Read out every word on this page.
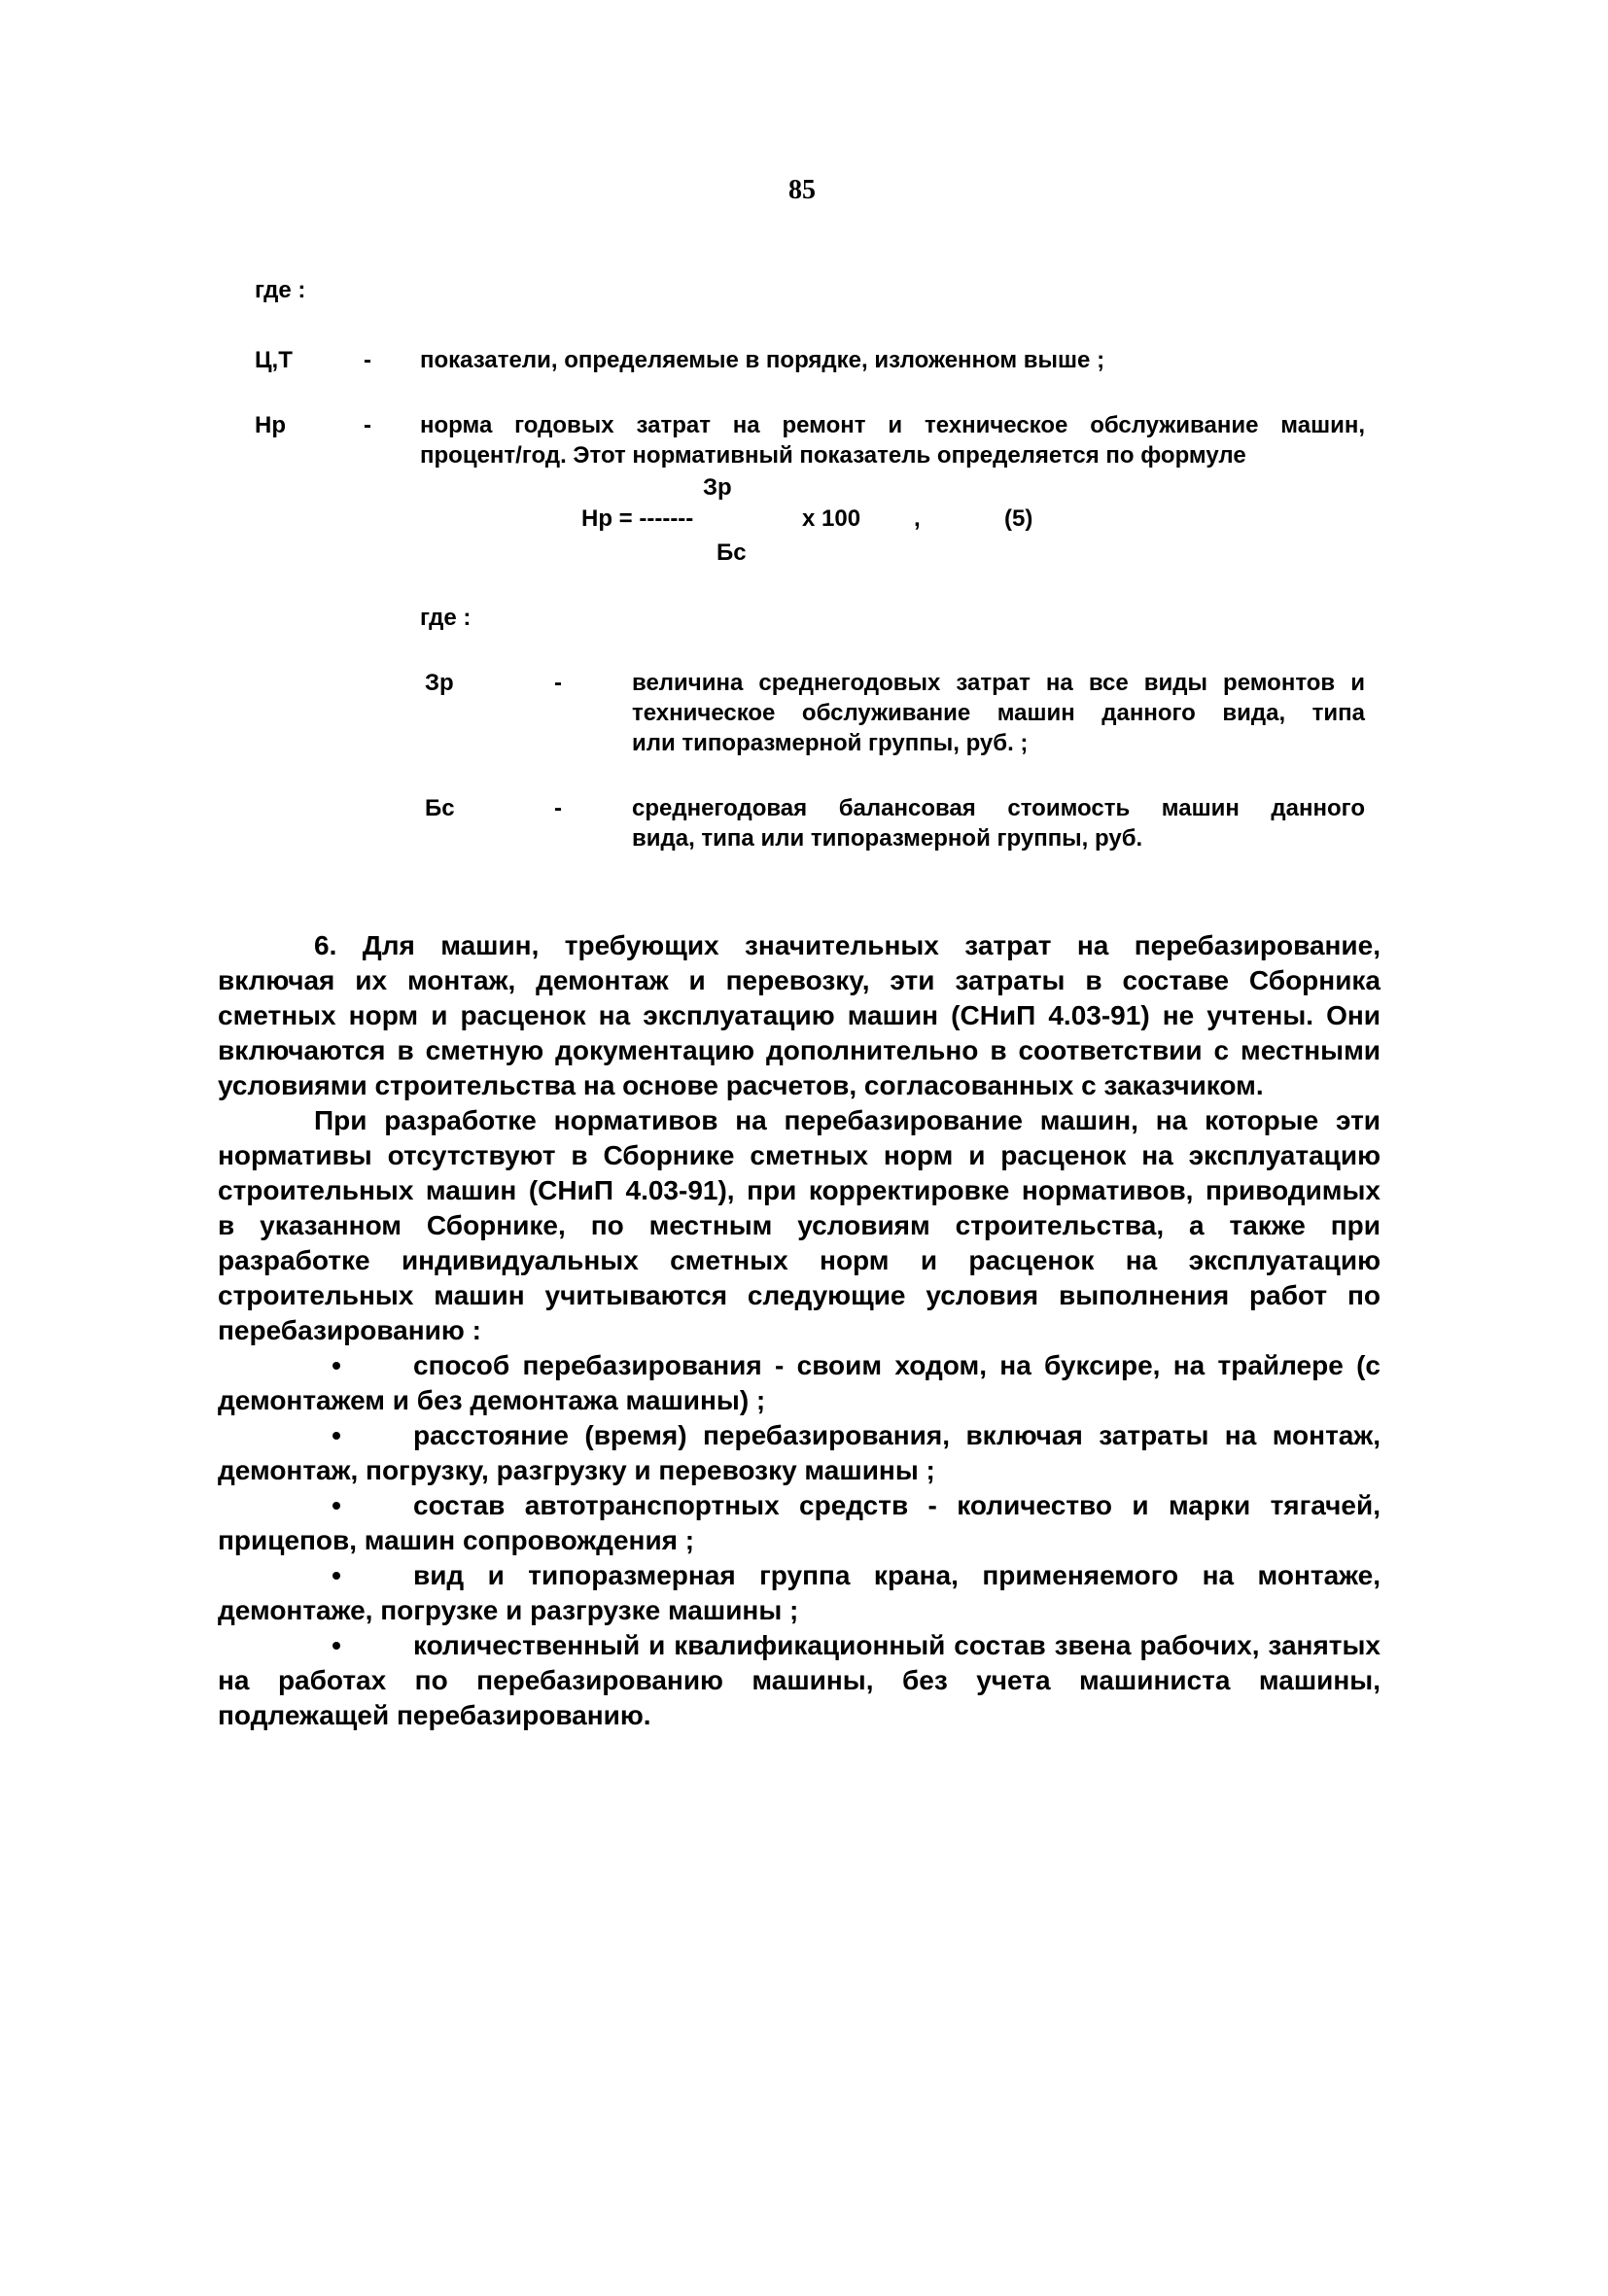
85
где :
Ц,Т	- показатели, определяемые в порядке, изложенном выше ;
Нр	- норма годовых затрат на ремонт и техническое обслуживание машин,
процент/год. Этот нормативный показатель определяется по формуле
Зр
Нр = -------	х 100 ,	(5)
Бс
где :
Зр	-	величина среднегодовых затрат на все виды ремонтов и
техническое обслуживание машин данного вида, типа
или типоразмерной группы, руб. ;
Бс	-	среднегодовая балансовая стоимость машин данного
вида, типа или типоразмерной группы, руб.
6. Для машин, требующих значительных затрат на перебазирование,
включая их монтаж, демонтаж и перевозку, эти затраты в составе Сборника
сметных норм и расценок на эксплуатацию машин (СНиП 4.03-91) не учтены. Они
включаются в сметную документацию дополнительно в соответствии с местными
условиями строительства на основе расчетов, согласованных с заказчиком.
При разработке нормативов на перебазирование машин, на которые эти
нормативы отсутствуют в Сборнике сметных норм и расценок на эксплуатацию
строительных машин (СНиП 4.03-91), при корректировке нормативов, приводимых
в указанном Сборнике, по местным условиям строительства, а также при
разработке индивидуальных сметных норм и расценок на эксплуатацию
строительных машин учитываются следующие условия выполнения работ по
перебазированию :
•	способ перебазирования - своим ходом, на буксире, на трайлере (с
демонтажем и без демонтажа машины) ;
•	расстояние (время) перебазирования, включая затраты на монтаж,
демонтаж, погрузку, разгрузку и перевозку машины ;
•	состав автотранспортных средств - количество и марки тягачей,
прицепов, машин сопровождения ;
•	вид и типоразмерная группа крана, применяемого на монтаже,
демонтаже, погрузке и разгрузке машины ;
•	количественный и квалификационный состав звена рабочих, занятых
на работах по перебазированию машины, без учета машиниста машины,
подлежащей перебазированию.
